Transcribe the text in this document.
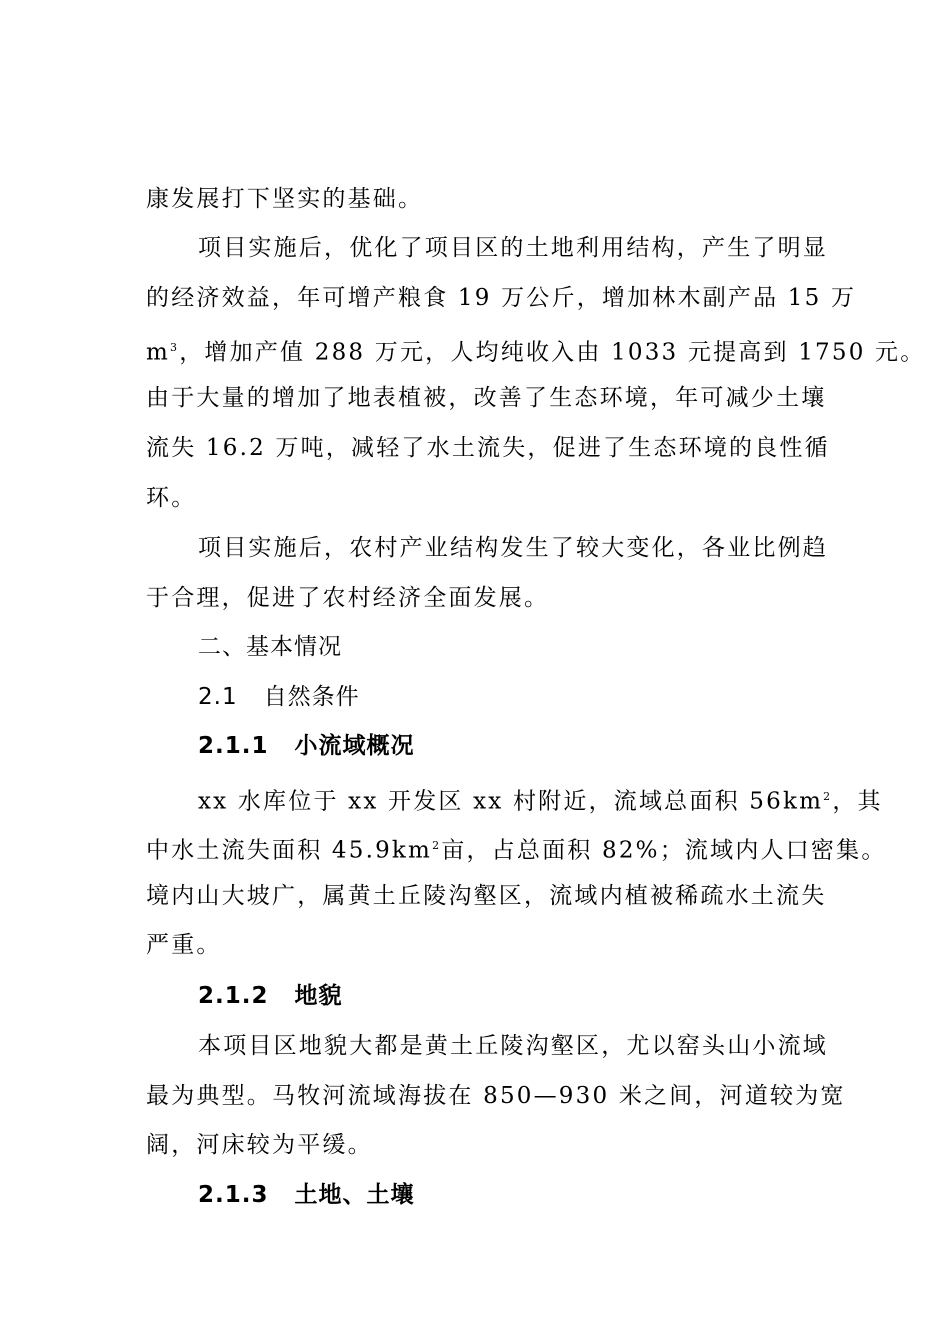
康发展打下坚实的基础。
项目实施后，优化了项目区的土地利用结构，产生了明显
的经济效益，年可增产粮食 19 万公斤，增加林木副产品 15 万
$m^3$，增加产值 288 万元，人均纯收入由 1033 元提高到 1750 元。
由于大量的增加了地表植被，改善了生态环境，年可减少土壤
流失 16.2 万吨，减轻了水土流失，促进了生态环境的良性循
环。
项目实施后，农村产业结构发生了较大变化，各业比例趋
于合理，促进了农村经济全面发展。
二、基本情况
2.1 自然条件
2.1.1 小流域概况
xx 水库位于 xx 开发区 xx 村附近，流域总面积 $56km^2$，其
中水土流失面积 $45.9km^2$亩，占总面积 82%；流域内人口密集。
境内山大坡广，属黄土丘陵沟壑区，流域内植被稀疏水土流失
严重。
2.1.2 地貌
本项目区地貌大都是黄土丘陵沟壑区，尤以窑头山小流域
最为典型。马牧河流域海拔在 850—930 米之间，河道较为宽
阔，河床较为平缓。
2.1.3 土地、土壤
